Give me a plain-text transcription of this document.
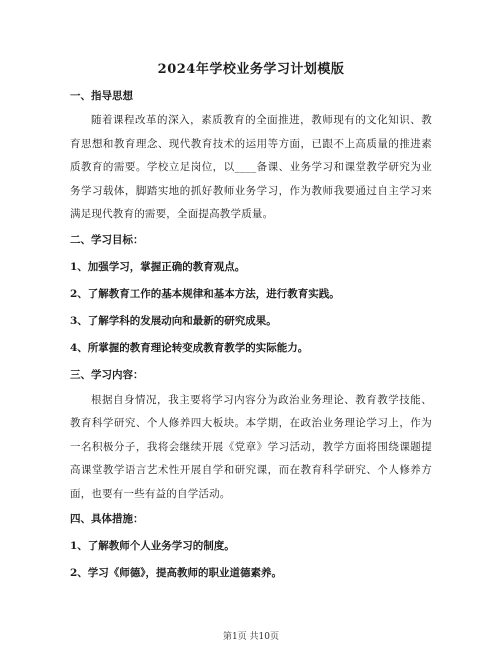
2024年学校业务学习计划模版
一、指导思想
随着课程改革的深入，素质教育的全面推进，教师现有的文化知识、教育思想和教育理念、现代教育技术的运用等方面，已跟不上高质量的推进素质教育的需要。学校立足岗位，以____备课、业务学习和课堂教学研究为业务学习载体，脚踏实地的抓好教师业务学习，作为教师我要通过自主学习来满足现代教育的需要，全面提高教学质量。
二、学习目标：
1、加强学习，掌握正确的教育观点。
2、了解教育工作的基本规律和基本方法，进行教育实践。
3、了解学科的发展动向和最新的研究成果。
4、所掌握的教育理论转变成教育教学的实际能力。
三、学习内容：
根据自身情况，我主要将学习内容分为政治业务理论、教育教学技能、教育科学研究、个人修养四大板块。本学期，在政治业务理论学习上，作为一名积极分子，我将会继续开展《党章》学习活动，教学方面将围绕课题提高课堂教学语言艺术性开展自学和研究课，而在教育科学研究、个人修养方面，也要有一些有益的自学活动。
四、具体措施：
1、了解教师个人业务学习的制度。
2、学习《师德》，提高教师的职业道德素养。
第1页 共10页
